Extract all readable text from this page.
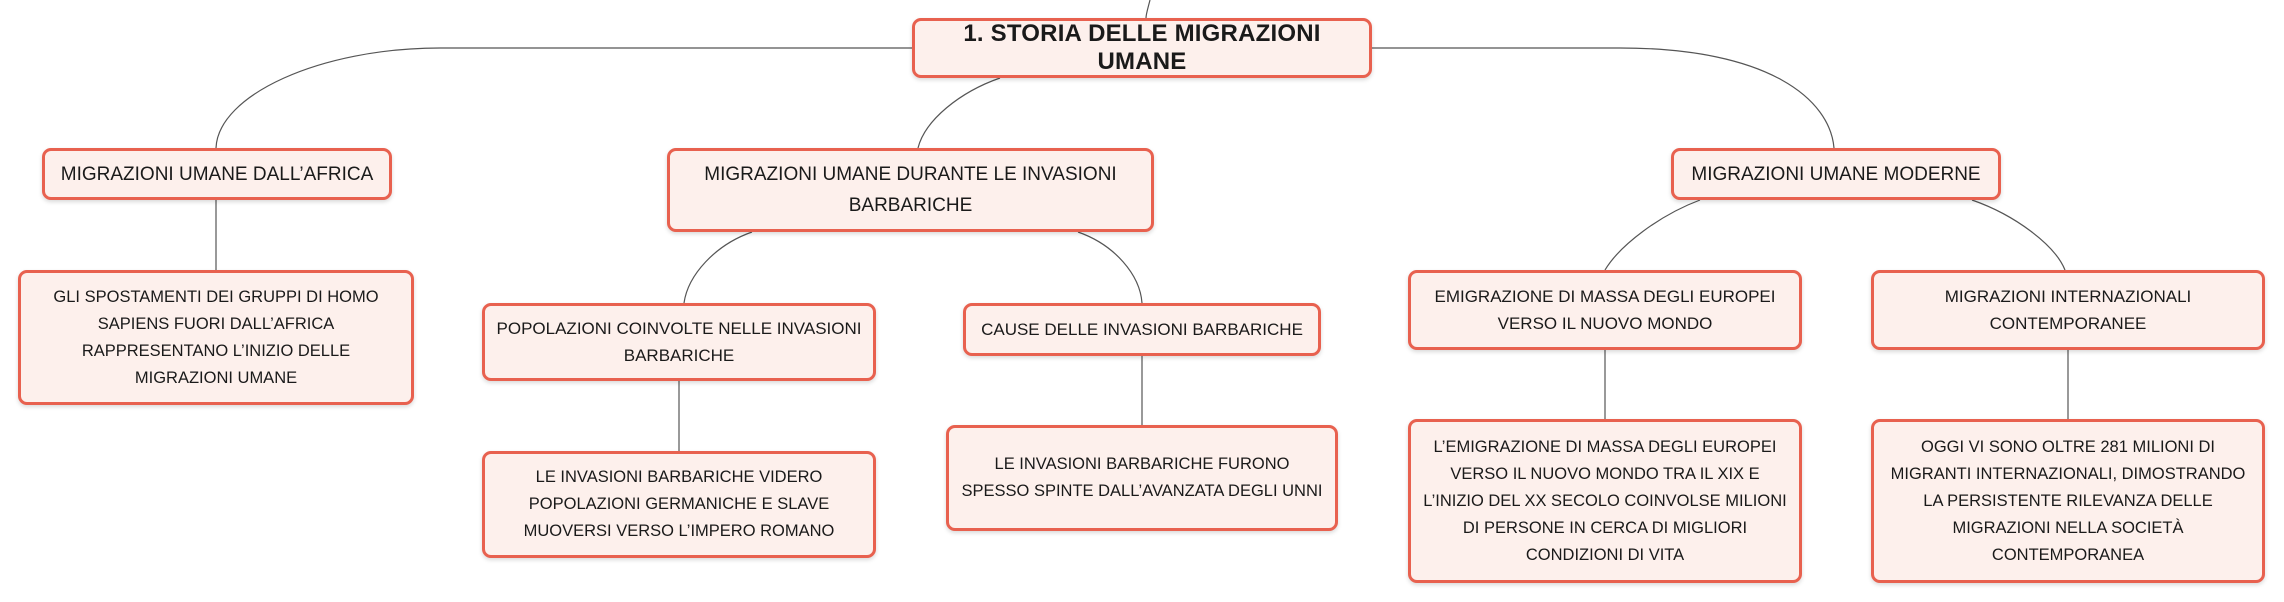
1. STORIA DELLE MIGRAZIONI UMANE
MIGRAZIONI UMANE DALL’AFRICA	MIGRAZIONI UMANE DURANTE LE INVASIONI BARBARICHE
MIGRAZIONI UMANE MODERNE
GLI SPOSTAMENTI DEI GRUPPI DI HOMO SAPIENS FUORI DALL’AFRICA RAPPRESENTANO L’INIZIO DELLE MIGRAZIONI UMANE
POPOLAZIONI COINVOLTE NELLE INVASIONI BARBARICHE
CAUSE DELLE INVASIONI BARBARICHE
LE INVASIONI BARBARICHE VIDERO POPOLAZIONI GERMANICHE E SLAVE MUOVERSI VERSO L’IMPERO ROMANO
LE INVASIONI BARBARICHE FURONO SPESSO SPINTE DALL’AVANZATA DEGLI UNNI
EMIGRAZIONE DI MASSA DEGLI EUROPEI VERSO IL NUOVO MONDO
MIGRAZIONI INTERNAZIONALI CONTEMPORANEE
L’EMIGRAZIONE DI MASSA DEGLI EUROPEI VERSO IL NUOVO MONDO TRA IL XIX E L’INIZIO DEL XX SECOLO COINVOLSE MILIONI DI PERSONE IN CERCA DI MIGLIORI CONDIZIONI DI VITA
OGGI VI SONO OLTRE 281 MILIONI DI MIGRANTI INTERNAZIONALI, DIMOSTRANDO LA PERSISTENTE RILEVANZA DELLE MIGRAZIONI NELLA SOCIETÀ CONTEMPORANEA
